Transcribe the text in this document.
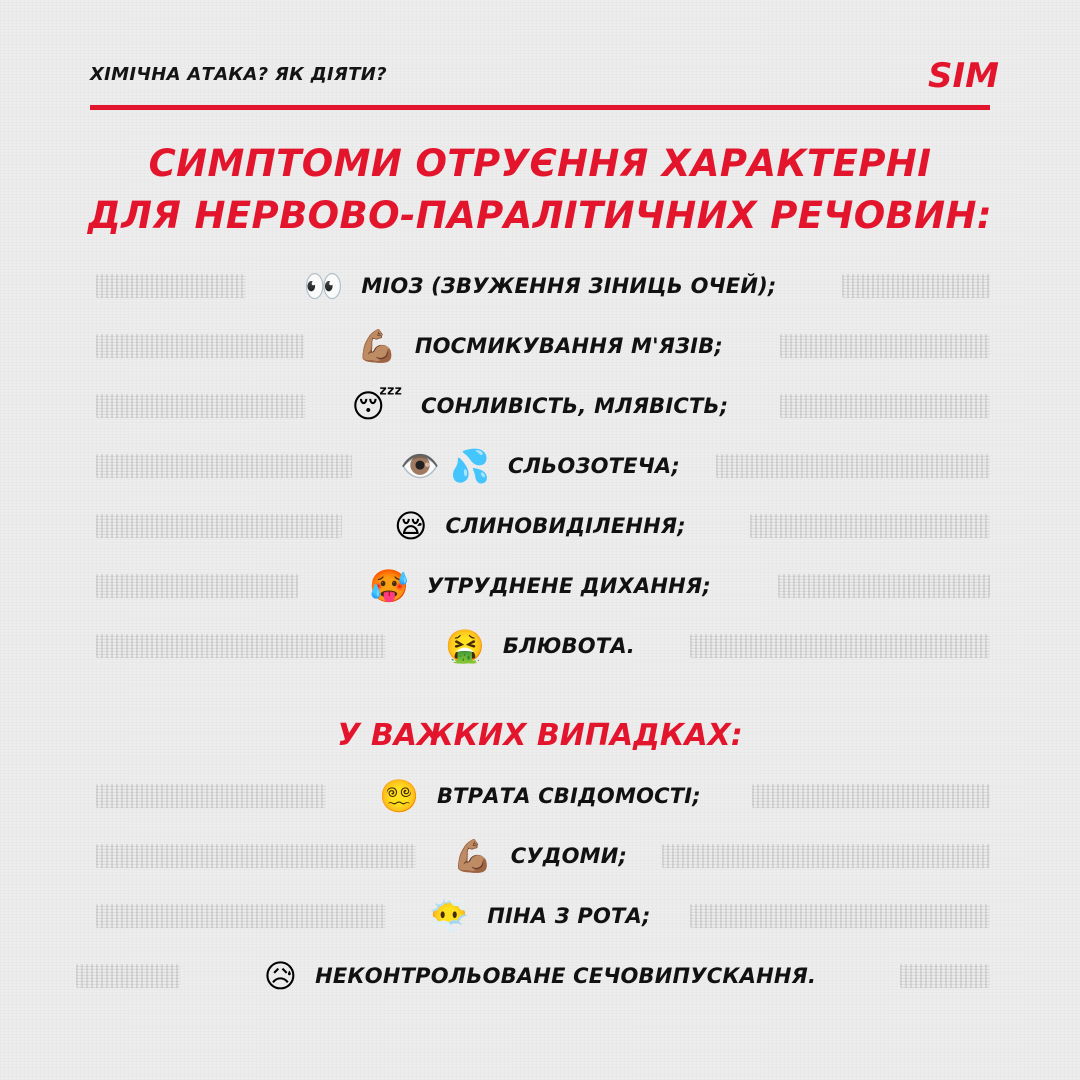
ХІМІЧНА АТАКА? ЯК ДІЯТИ?	SIM
СИМПТОМИ ОТРУЄННЯ ХАРАКТЕРНІ
ДЛЯ НЕРВОВО-ПАРАЛІТИЧНИХ РЕЧОВИН:
👀 МІОЗ (ЗВУЖЕННЯ ЗІНИЦЬ ОЧЕЙ);
💪🏽 ПОСМИКУВАННЯ М'ЯЗІВ;
😴 СОНЛИВІСТЬ, МЛЯВІСТЬ;
👁️ 💦 СЛЬОЗОТЕЧА;
😪 СЛИНОВИДІЛЕННЯ;
🥵 УТРУДНЕНЕ ДИХАННЯ;
🤮 БЛЮВОТА.
У ВАЖКИХ ВИПАДКАХ:
😵‍💫 ВТРАТА СВІДОМОСТІ;
💪🏽 СУДОМИ;
😶‍🌫️ ПІНА З РОТА;
😥 НЕКОНТРОЛЬОВАНЕ СЕЧОВИПУСКАННЯ.
